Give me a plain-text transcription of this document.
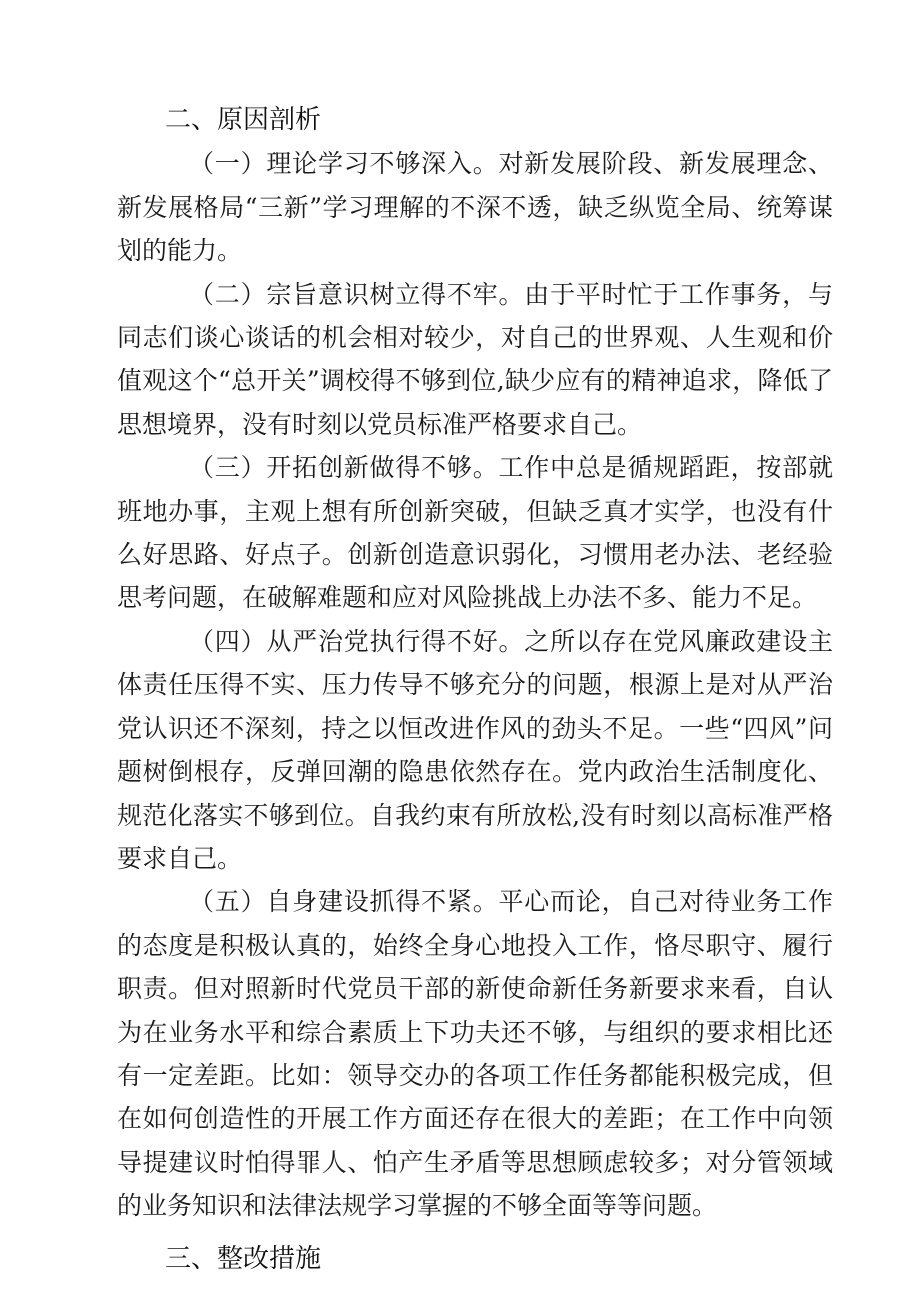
二、原因剖析

（一）理论学习不够深入。对新发展阶段、新发展理念、新发展格局“三新”学习理解的不深不透，缺乏纵览全局、统筹谋划的能力。

（二）宗旨意识树立得不牢。由于平时忙于工作事务，与同志们谈心谈话的机会相对较少，对自己的世界观、人生观和价值观这个“总开关”调校得不够到位,缺少应有的精神追求，降低了思想境界，没有时刻以党员标准严格要求自己。

（三）开拓创新做得不够。工作中总是循规蹈距，按部就班地办事，主观上想有所创新突破，但缺乏真才实学，也没有什么好思路、好点子。创新创造意识弱化，习惯用老办法、老经验思考问题，在破解难题和应对风险挑战上办法不多、能力不足。

（四）从严治党执行得不好。之所以存在党风廉政建设主体责任压得不实、压力传导不够充分的问题，根源上是对从严治党认识还不深刻，持之以恒改进作风的劲头不足。一些“四风”问题树倒根存，反弹回潮的隐患依然存在。党内政治生活制度化、规范化落实不够到位。自我约束有所放松,没有时刻以高标准严格要求自己。

（五）自身建设抓得不紧。平心而论，自己对待业务工作的态度是积极认真的，始终全身心地投入工作，恪尽职守、履行职责。但对照新时代党员干部的新使命新任务新要求来看，自认为在业务水平和综合素质上下功夫还不够，与组织的要求相比还有一定差距。比如：领导交办的各项工作任务都能积极完成，但在如何创造性的开展工作方面还存在很大的差距；在工作中向领导提建议时怕得罪人、怕产生矛盾等思想顾虑较多；对分管领域的业务知识和法律法规学习掌握的不够全面等等问题。

三、整改措施
